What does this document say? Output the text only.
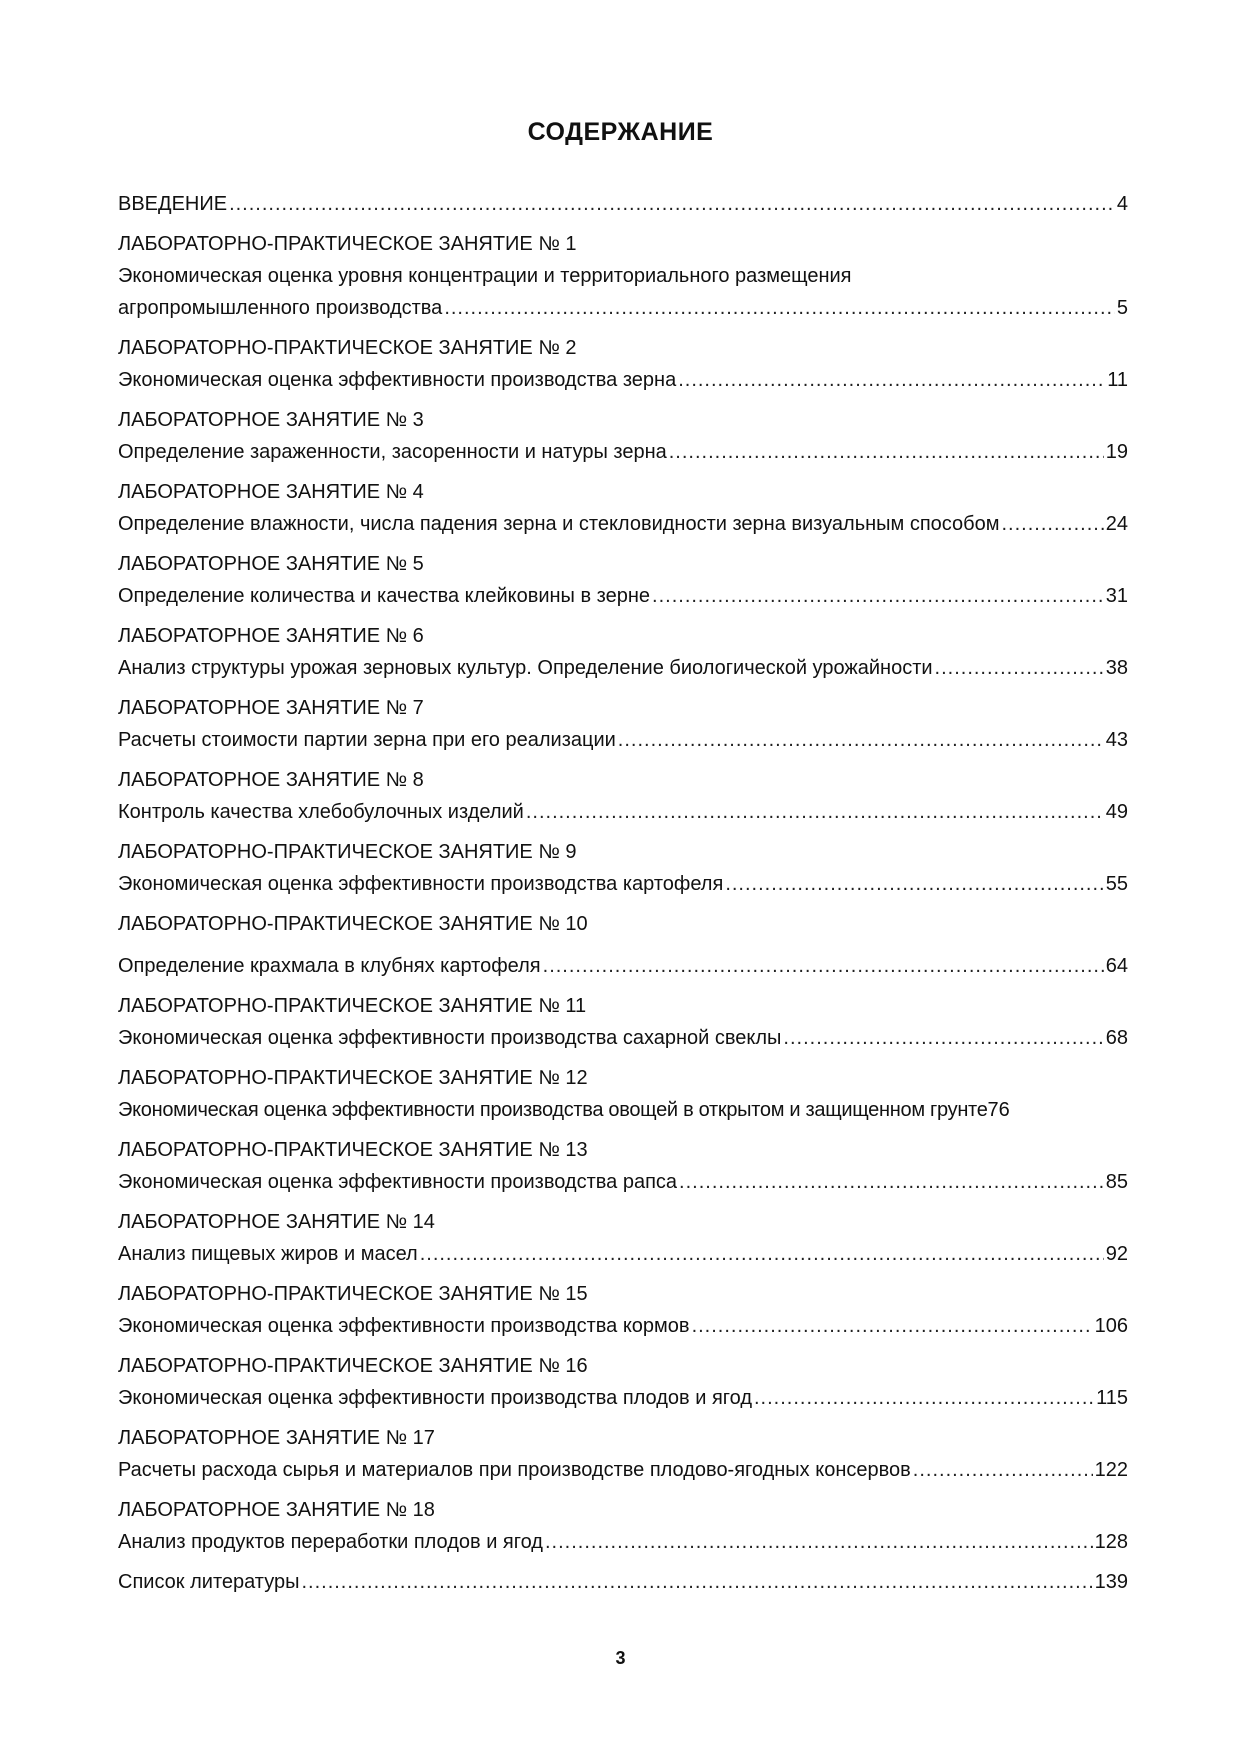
СОДЕРЖАНИЕ
ВВЕДЕНИЕ .....	4
ЛАБОРАТОРНО-ПРАКТИЧЕСКОЕ ЗАНЯТИЕ № 1
Экономическая оценка уровня концентрации и территориального размещения
агропромышленного производства .....	5
ЛАБОРАТОРНО-ПРАКТИЧЕСКОЕ ЗАНЯТИЕ № 2
Экономическая оценка эффективности производства зерна .....	11
ЛАБОРАТОРНОЕ ЗАНЯТИЕ № 3
Определение зараженности, засоренности и натуры зерна .....	19
ЛАБОРАТОРНОЕ ЗАНЯТИЕ № 4
Определение влажности, числа падения зерна и стекловидности зерна визуальным способом .....	24
ЛАБОРАТОРНОЕ ЗАНЯТИЕ № 5
Определение количества и качества клейковины в зерне .....	31
ЛАБОРАТОРНОЕ ЗАНЯТИЕ № 6
Анализ структуры урожая зерновых культур. Определение биологической урожайности .....	38
ЛАБОРАТОРНОЕ ЗАНЯТИЕ № 7
Расчеты стоимости партии зерна при его реализации .....	43
ЛАБОРАТОРНОЕ ЗАНЯТИЕ № 8
Контроль качества хлебобулочных изделий .....	49
ЛАБОРАТОРНО-ПРАКТИЧЕСКОЕ ЗАНЯТИЕ № 9
Экономическая оценка эффективности производства картофеля .....	55
ЛАБОРАТОРНО-ПРАКТИЧЕСКОЕ ЗАНЯТИЕ № 10
Определение крахмала в клубнях картофеля .....	64
ЛАБОРАТОРНО-ПРАКТИЧЕСКОЕ ЗАНЯТИЕ № 11
Экономическая оценка эффективности производства сахарной свеклы .....	68
ЛАБОРАТОРНО-ПРАКТИЧЕСКОЕ ЗАНЯТИЕ № 12
Экономическая оценка эффективности производства овощей в открытом и защищенном грунте 76
ЛАБОРАТОРНО-ПРАКТИЧЕСКОЕ ЗАНЯТИЕ № 13
Экономическая оценка эффективности производства рапса .....	85
ЛАБОРАТОРНОЕ ЗАНЯТИЕ № 14
Анализ пищевых жиров и масел .....	92
ЛАБОРАТОРНО-ПРАКТИЧЕСКОЕ ЗАНЯТИЕ № 15
Экономическая оценка эффективности производства кормов .....	106
ЛАБОРАТОРНО-ПРАКТИЧЕСКОЕ ЗАНЯТИЕ № 16
Экономическая оценка эффективности производства плодов и ягод .....	115
ЛАБОРАТОРНОЕ ЗАНЯТИЕ № 17
Расчеты расхода сырья и материалов при производстве плодово-ягодных консервов .....	122
ЛАБОРАТОРНОЕ ЗАНЯТИЕ № 18
Анализ продуктов переработки плодов и ягод .....	128
Список литературы .....	139
3
